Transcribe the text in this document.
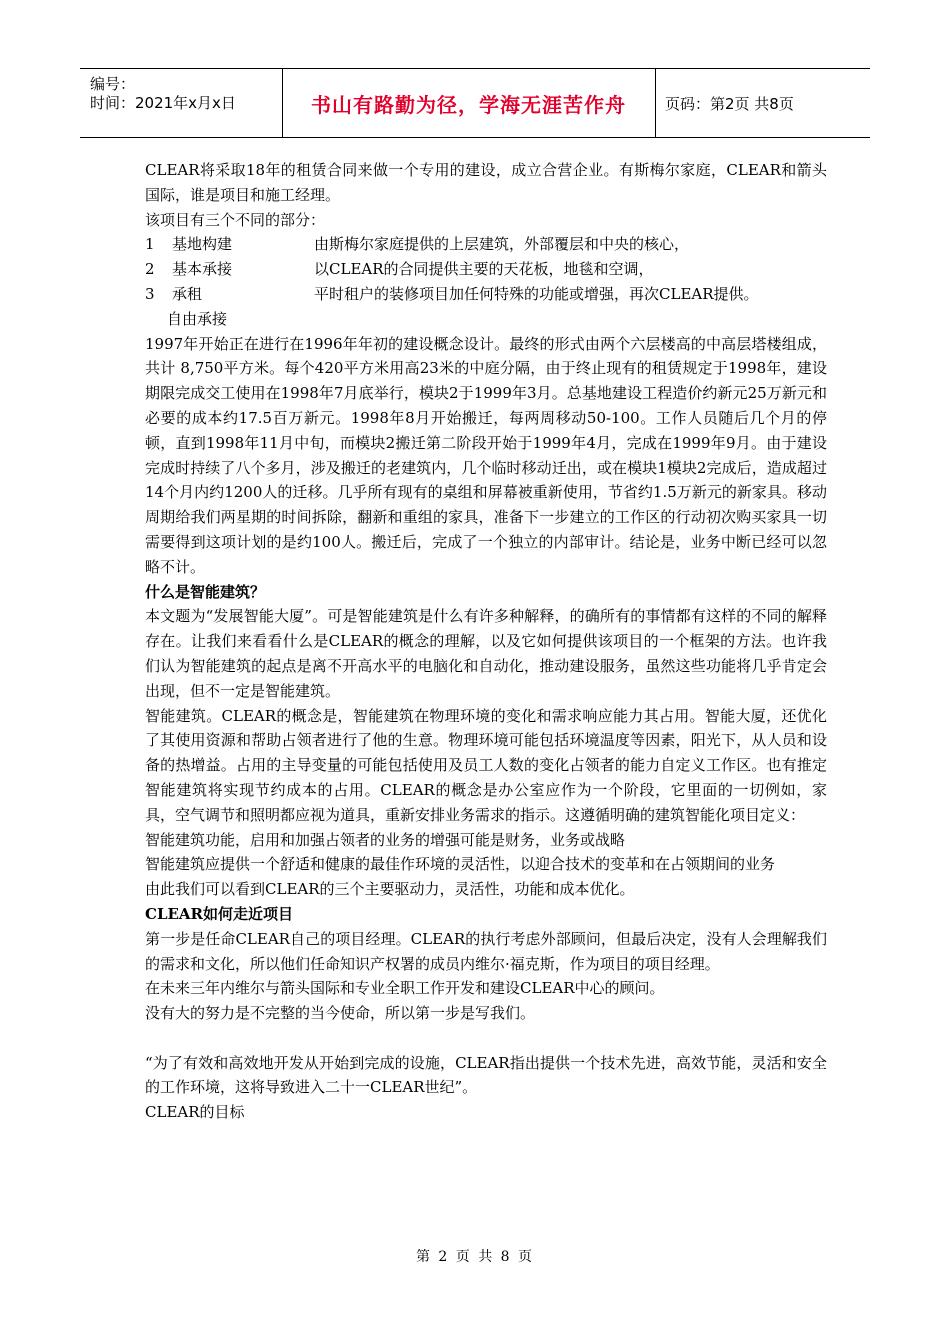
编号：
时间：2021年x月x日	书山有路勤为径，学海无涯苦作舟	页码：第2页 共8页

CLEAR将采取18年的租赁合同来做一个专用的建设，成立合营企业。有斯梅尔家庭，CLEAR和箭头国际，谁是项目和施工经理。

该项目有三个不同的部分：

1	基地构建	由斯梅尔家庭提供的上层建筑，外部覆层和中央的核心，
2	基本承接	以CLEAR的合同提供主要的天花板，地毯和空调，
3	承租	平时租户的装修项目加任何特殊的功能或增强，再次CLEAR提供。

自由承接

1997年开始正在进行在1996年年初的建设概念设计。最终的形式由两个六层楼高的中高层塔楼组成，共计 8,750平方米。每个420平方米用高23米的中庭分隔，由于终止现有的租赁规定于1998年，建设期限完成交工使用在1998年7月底举行，模块2于1999年3月。总基地建设工程造价约新元25万新元和必要的成本约17.5百万新元。1998年8月开始搬迁，每两周移动50-100。工作人员随后几个月的停顿，直到1998年11月中旬，而模块2搬迁第二阶段开始于1999年4月，完成在1999年9月。由于建设完成时持续了八个多月，涉及搬迁的老建筑内，几个临时移动迁出，或在模块1模块2完成后，造成超过14个月内约1200人的迁移。几乎所有现有的桌组和屏幕被重新使用，节省约1.5万新元的新家具。移动周期给我们两星期的时间拆除，翻新和重组的家具，准备下一步建立的工作区的行动初次购买家具一切需要得到这项计划的是约100人。搬迁后，完成了一个独立的内部审计。结论是，业务中断已经可以忽略不计。

什么是智能建筑？

本文题为“发展智能大厦”。可是智能建筑是什么有许多种解释，的确所有的事情都有这样的不同的解释存在。让我们来看看什么是CLEAR的概念的理解，以及它如何提供该项目的一个框架的方法。也许我们认为智能建筑的起点是离不开高水平的电脑化和自动化，推动建设服务，虽然这些功能将几乎肯定会出现，但不一定是智能建筑。

智能建筑。CLEAR的概念是，智能建筑在物理环境的变化和需求响应能力其占用。智能大厦，还优化了其使用资源和帮助占领者进行了他的生意。物理环境可能包括环境温度等因素，阳光下，从人员和设备的热增益。占用的主导变量的可能包括使用及员工人数的变化占领者的能力自定义工作区。也有推定智能建筑将实现节约成本的占用。CLEAR的概念是办公室应作为一个阶段，它里面的一切例如，家具，空气调节和照明都应视为道具，重新安排业务需求的指示。这遵循明确的建筑智能化项目定义：

智能建筑功能，启用和加强占领者的业务的增强可能是财务，业务或战略

智能建筑应提供一个舒适和健康的最佳作环境的灵活性，以迎合技术的变革和在占领期间的业务

由此我们可以看到CLEAR的三个主要驱动力，灵活性，功能和成本优化。

CLEAR如何走近项目

第一步是任命CLEAR自己的项目经理。CLEAR的执行考虑外部顾问，但最后决定，没有人会理解我们的需求和文化，所以他们任命知识产权署的成员内维尔·福克斯，作为项目的项目经理。

在未来三年内维尔与箭头国际和专业全职工作开发和建设CLEAR中心的顾问。

没有大的努力是不完整的当今使命，所以第一步是写我们。

“为了有效和高效地开发从开始到完成的设施，CLEAR指出提供一个技术先进，高效节能，灵活和安全的工作环境，这将导致进入二十一CLEAR世纪”。

CLEAR的目标

第 2 页 共 8 页
